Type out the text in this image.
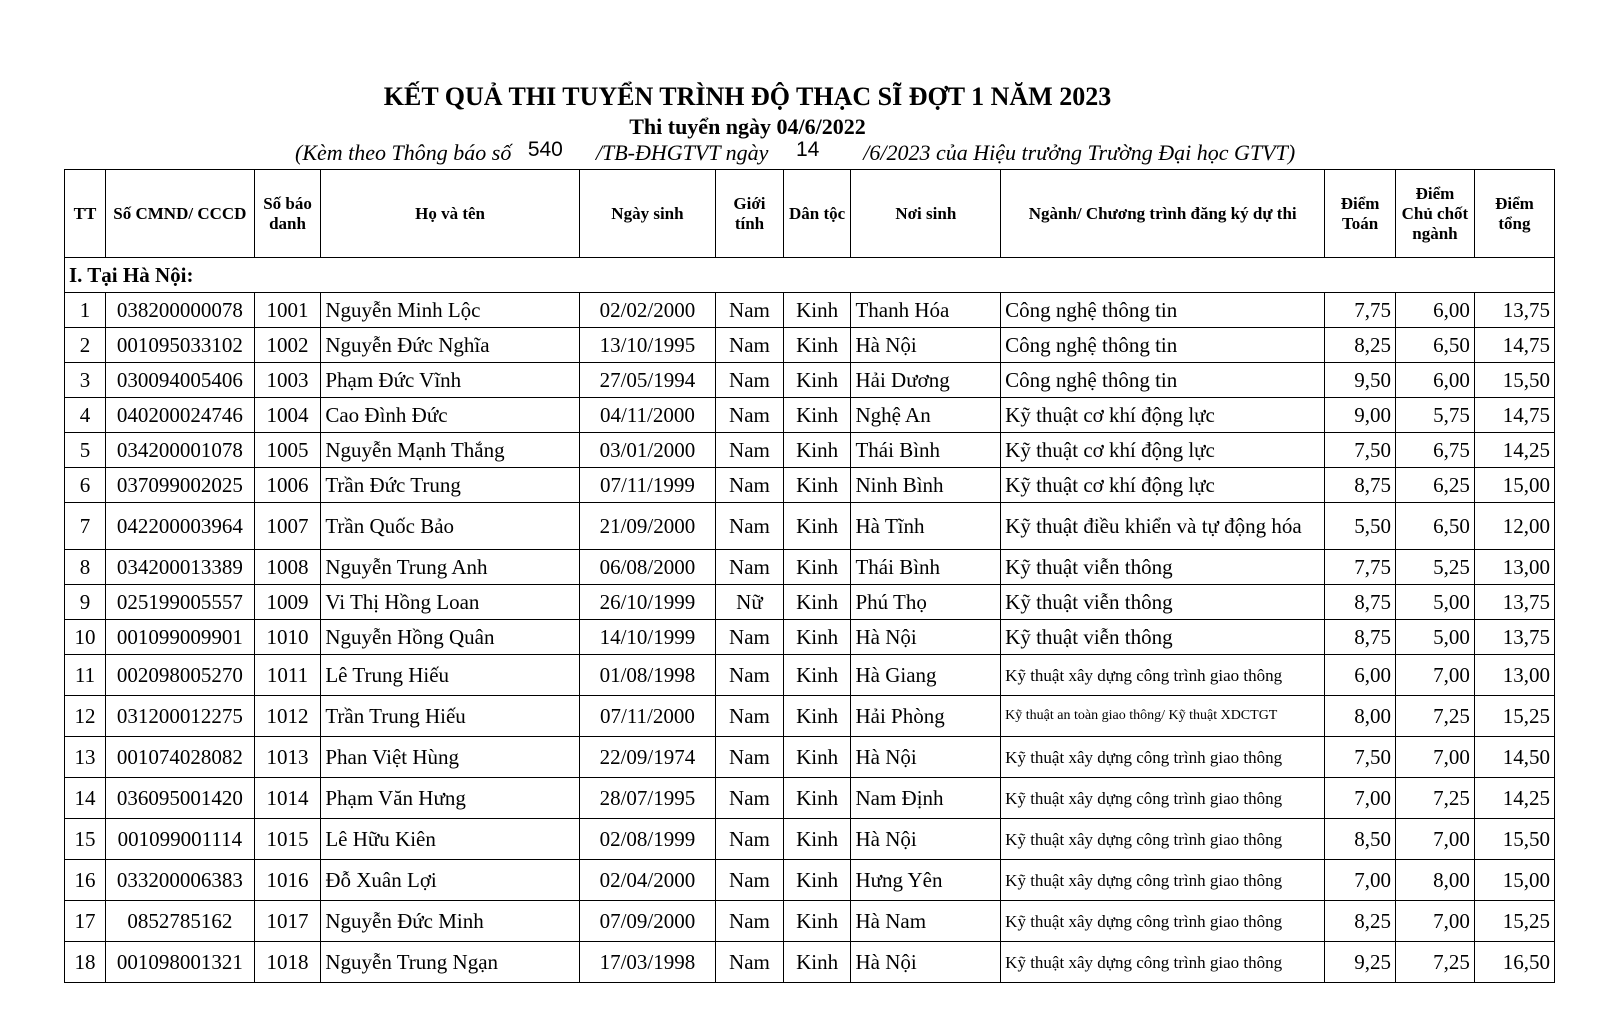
KẾT QUẢ THI TUYỂN TRÌNH ĐỘ THẠC SĨ ĐỢT 1 NĂM 2023
Thi tuyển ngày 04/6/2022
(Kèm theo Thông báo số 540 /TB-ĐHGTVT ngày 14 /6/2023 của Hiệu trưởng Trường Đại học GTVT)
TT	Số CMND/ CCCD	Số báo danh	Họ và tên	Ngày sinh	Giới tính	Dân tộc	Nơi sinh	Ngành/ Chương trình đăng ký dự thi	Điểm Toán	Điểm Chủ chốt ngành	Điểm tổng
I. Tại Hà Nội:											
1	038200000078	1001	Nguyễn Minh Lộc	02/02/2000	Nam	Kinh	Thanh Hóa	Công nghệ thông tin	7,75	6,00	13,75
2	001095033102	1002	Nguyễn Đức Nghĩa	13/10/1995	Nam	Kinh	Hà Nội	Công nghệ thông tin	8,25	6,50	14,75
3	030094005406	1003	Phạm Đức Vĩnh	27/05/1994	Nam	Kinh	Hải Dương	Công nghệ thông tin	9,50	6,00	15,50
4	040200024746	1004	Cao Đình Đức	04/11/2000	Nam	Kinh	Nghệ An	Kỹ thuật cơ khí động lực	9,00	5,75	14,75
5	034200001078	1005	Nguyễn Mạnh Thắng	03/01/2000	Nam	Kinh	Thái Bình	Kỹ thuật cơ khí động lực	7,50	6,75	14,25
6	037099002025	1006	Trần Đức Trung	07/11/1999	Nam	Kinh	Ninh Bình	Kỹ thuật cơ khí động lực	8,75	6,25	15,00
7	042200003964	1007	Trần Quốc Bảo	21/09/2000	Nam	Kinh	Hà Tĩnh	Kỹ thuật điều khiển và tự động hóa	5,50	6,50	12,00
8	034200013389	1008	Nguyễn Trung Anh	06/08/2000	Nam	Kinh	Thái Bình	Kỹ thuật viễn thông	7,75	5,25	13,00
9	025199005557	1009	Vi Thị Hồng Loan	26/10/1999	Nữ	Kinh	Phú Thọ	Kỹ thuật viễn thông	8,75	5,00	13,75
10	001099009901	1010	Nguyễn Hồng Quân	14/10/1999	Nam	Kinh	Hà Nội	Kỹ thuật viễn thông	8,75	5,00	13,75
11	002098005270	1011	Lê Trung Hiếu	01/08/1998	Nam	Kinh	Hà Giang	Kỹ thuật xây dựng công trình giao thông	6,00	7,00	13,00
12	031200012275	1012	Trần Trung Hiếu	07/11/2000	Nam	Kinh	Hải Phòng	Kỹ thuật an toàn giao thông/ Kỹ thuật XDCTGT	8,00	7,25	15,25
13	001074028082	1013	Phan Việt Hùng	22/09/1974	Nam	Kinh	Hà Nội	Kỹ thuật xây dựng công trình giao thông	7,50	7,00	14,50
14	036095001420	1014	Phạm Văn Hưng	28/07/1995	Nam	Kinh	Nam Định	Kỹ thuật xây dựng công trình giao thông	7,00	7,25	14,25
15	001099001114	1015	Lê Hữu Kiên	02/08/1999	Nam	Kinh	Hà Nội	Kỹ thuật xây dựng công trình giao thông	8,50	7,00	15,50
16	033200006383	1016	Đỗ Xuân Lợi	02/04/2000	Nam	Kinh	Hưng Yên	Kỹ thuật xây dựng công trình giao thông	7,00	8,00	15,00
17	0852785162	1017	Nguyễn Đức Minh	07/09/2000	Nam	Kinh	Hà Nam	Kỹ thuật xây dựng công trình giao thông	8,25	7,00	15,25
18	001098001321	1018	Nguyễn Trung Ngạn	17/03/1998	Nam	Kinh	Hà Nội	Kỹ thuật xây dựng công trình giao thông	9,25	7,25	16,50
